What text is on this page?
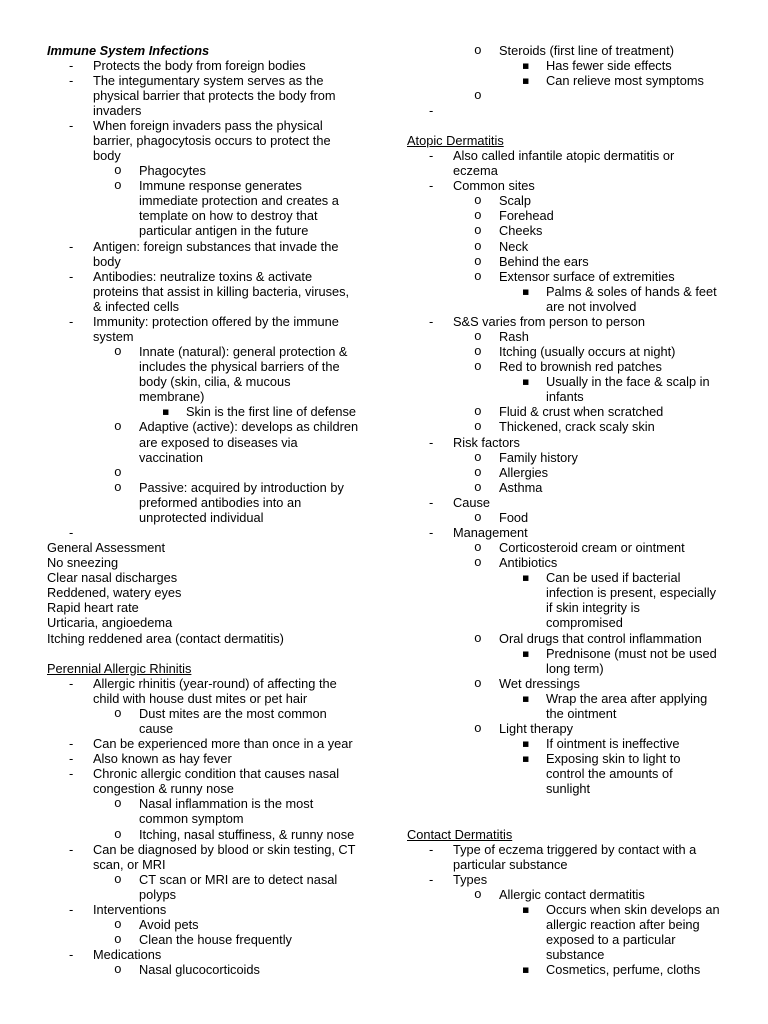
Immune System Infections
- Protects the body from foreign bodies
- The integumentary system serves as the
physical barrier that protects the body from
invaders
- When foreign invaders pass the physical
barrier, phagocytosis occurs to protect the
body
o Phagocytes
o Immune response generates
immediate protection and creates a
template on how to destroy that
particular antigen in the future
- Antigen: foreign substances that invade the
body
- Antibodies: neutralize toxins & activate
proteins that assist in killing bacteria, viruses,
& infected cells
- Immunity: protection offered by the immune
system
o Innate (natural): general protection &
includes the physical barriers of the
body (skin, cilia, & mucous
membrane)
▪ Skin is the first line of defense
o Adaptive (active): develops as children
are exposed to diseases via
vaccination
o
o Passive: acquired by introduction by
preformed antibodies into an
unprotected individual
-
General Assessment
No sneezing
Clear nasal discharges
Reddened, watery eyes
Rapid heart rate
Urticaria, angioedema
Itching reddened area (contact dermatitis)
Perennial Allergic Rhinitis
- Allergic rhinitis (year-round) of affecting the
child with house dust mites or pet hair
o Dust mites are the most common
cause
- Can be experienced more than once in a year
- Also known as hay fever
- Chronic allergic condition that causes nasal
congestion & runny nose
o Nasal inflammation is the most
common symptom
o Itching, nasal stuffiness, & runny nose
- Can be diagnosed by blood or skin testing, CT
scan, or MRI
o CT scan or MRI are to detect nasal
polyps
- Interventions
o Avoid pets
o Clean the house frequently
- Medications
o Nasal glucocorticoids
o Steroids (first line of treatment)
▪ Has fewer side effects
▪ Can relieve most symptoms
o
-
Atopic Dermatitis
- Also called infantile atopic dermatitis or
eczema
- Common sites
o Scalp
o Forehead
o Cheeks
o Neck
o Behind the ears
o Extensor surface of extremities
▪ Palms & soles of hands & feet
are not involved
- S&S varies from person to person
o Rash
o Itching (usually occurs at night)
o Red to brownish red patches
▪ Usually in the face & scalp in
infants
o Fluid & crust when scratched
o Thickened, crack scaly skin
- Risk factors
o Family history
o Allergies
o Asthma
- Cause
o Food
- Management
o Corticosteroid cream or ointment
o Antibiotics
▪ Can be used if bacterial
infection is present, especially
if skin integrity is
compromised
o Oral drugs that control inflammation
▪ Prednisone (must not be used
long term)
o Wet dressings
▪ Wrap the area after applying
the ointment
o Light therapy
▪ If ointment is ineffective
▪ Exposing skin to light to
control the amounts of
sunlight
Contact Dermatitis
- Type of eczema triggered by contact with a
particular substance
- Types
o Allergic contact dermatitis
▪ Occurs when skin develops an
allergic reaction after being
exposed to a particular
substance
▪ Cosmetics, perfume, cloths
